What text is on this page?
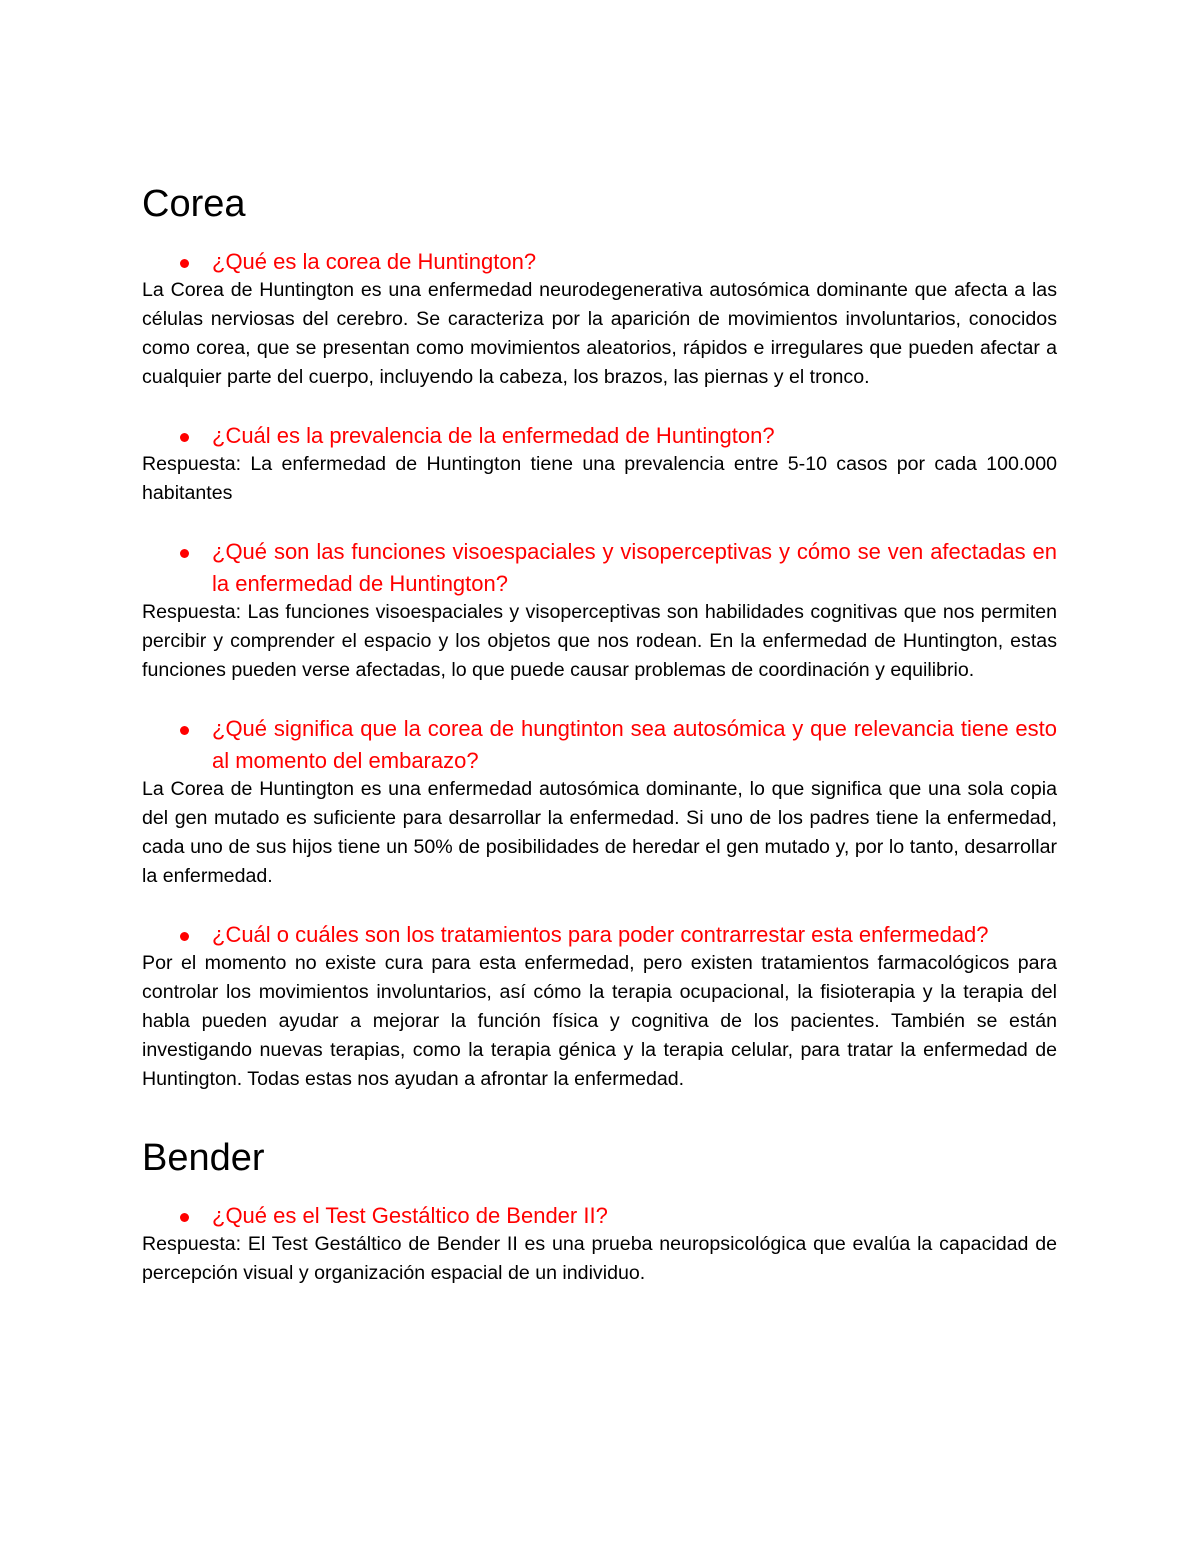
Corea
¿Qué es la corea de Huntington?

La Corea de Huntington es una enfermedad neurodegenerativa autosómica dominante que afecta a las células nerviosas del cerebro. Se caracteriza por la aparición de movimientos involuntarios, conocidos como corea, que se presentan como movimientos aleatorios, rápidos e irregulares que pueden afectar a cualquier parte del cuerpo, incluyendo la cabeza, los brazos, las piernas y el tronco.

¿Cuál es la prevalencia de la enfermedad de Huntington?

Respuesta: La enfermedad de Huntington tiene una prevalencia entre 5-10 casos por cada 100.000 habitantes

¿Qué son las funciones visoespaciales y visoperceptivas y cómo se ven afectadas en la enfermedad de Huntington?

Respuesta: Las funciones visoespaciales y visoperceptivas son habilidades cognitivas que nos permiten percibir y comprender el espacio y los objetos que nos rodean. En la enfermedad de Huntington, estas funciones pueden verse afectadas, lo que puede causar problemas de coordinación y equilibrio.

¿Qué significa que la corea de hungtinton sea autosómica y que relevancia tiene esto al momento del embarazo?

La Corea de Huntington es una enfermedad autosómica dominante, lo que significa que una sola copia del gen mutado es suficiente para desarrollar la enfermedad. Si uno de los padres tiene la enfermedad, cada uno de sus hijos tiene un 50% de posibilidades de heredar el gen mutado y, por lo tanto, desarrollar la enfermedad.

¿Cuál o cuáles son los tratamientos para poder contrarrestar esta enfermedad?

Por el momento no existe cura para esta enfermedad, pero existen tratamientos farmacológicos para controlar los movimientos involuntarios, así cómo la terapia ocupacional, la fisioterapia y la terapia del habla pueden ayudar a mejorar la función física y cognitiva de los pacientes. También se están investigando nuevas terapias, como la terapia génica y la terapia celular, para tratar la enfermedad de Huntington. Todas estas nos ayudan a afrontar la enfermedad.

Bender
¿Qué es el Test Gestáltico de Bender II?

Respuesta: El Test Gestáltico de Bender II es una prueba neuropsicológica que evalúa la capacidad de percepción visual y organización espacial de un individuo.
